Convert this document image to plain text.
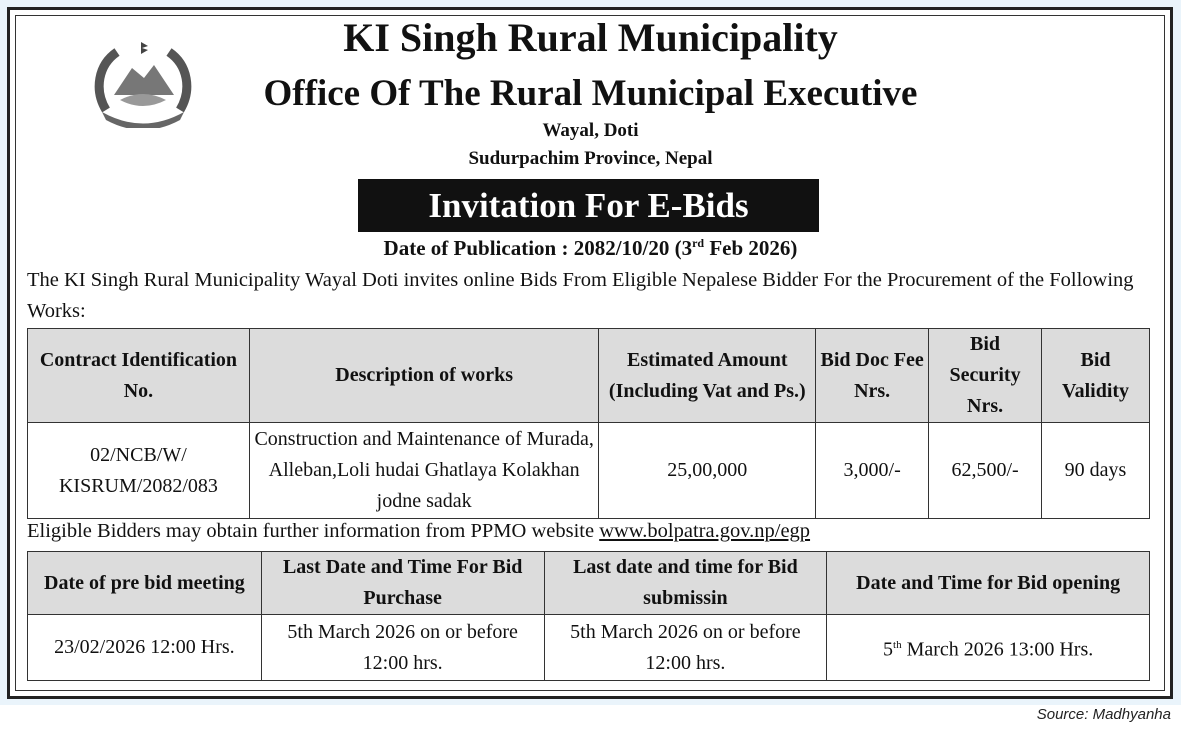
KI Singh Rural Municipality
Office Of The Rural Municipal Executive
Wayal, Doti
Sudurpachim Province, Nepal
Invitation For E-Bids
Date of Publication : 2082/10/20 (3rd Feb 2026)
The KI Singh Rural Municipality Wayal Doti invites online Bids From Eligible Nepalese Bidder For the Procurement of the Following Works:
Contract Identification No.	Description of works	Estimated Amount (Including Vat and Ps.)	Bid Doc Fee Nrs.	Bid Security Nrs.	Bid Validity
02/NCB/W/ KISRUM/2082/083	Construction and Maintenance of Murada, Alleban,Loli hudai Ghatlaya Kolakhan jodne sadak	25,00,000	3,000/-	62,500/-	90 days
Eligible Bidders may obtain further information from PPMO website www.bolpatra.gov.np/egp
Date of pre bid meeting	Last Date and Time For Bid Purchase	Last date and time for Bid submissin	Date and Time for Bid opening
23/02/2026 12:00 Hrs.	5th March 2026 on or before 12:00 hrs.	5th March 2026 on or before 12:00 hrs.	5th March 2026 13:00 Hrs.
Source: Madhyanha
